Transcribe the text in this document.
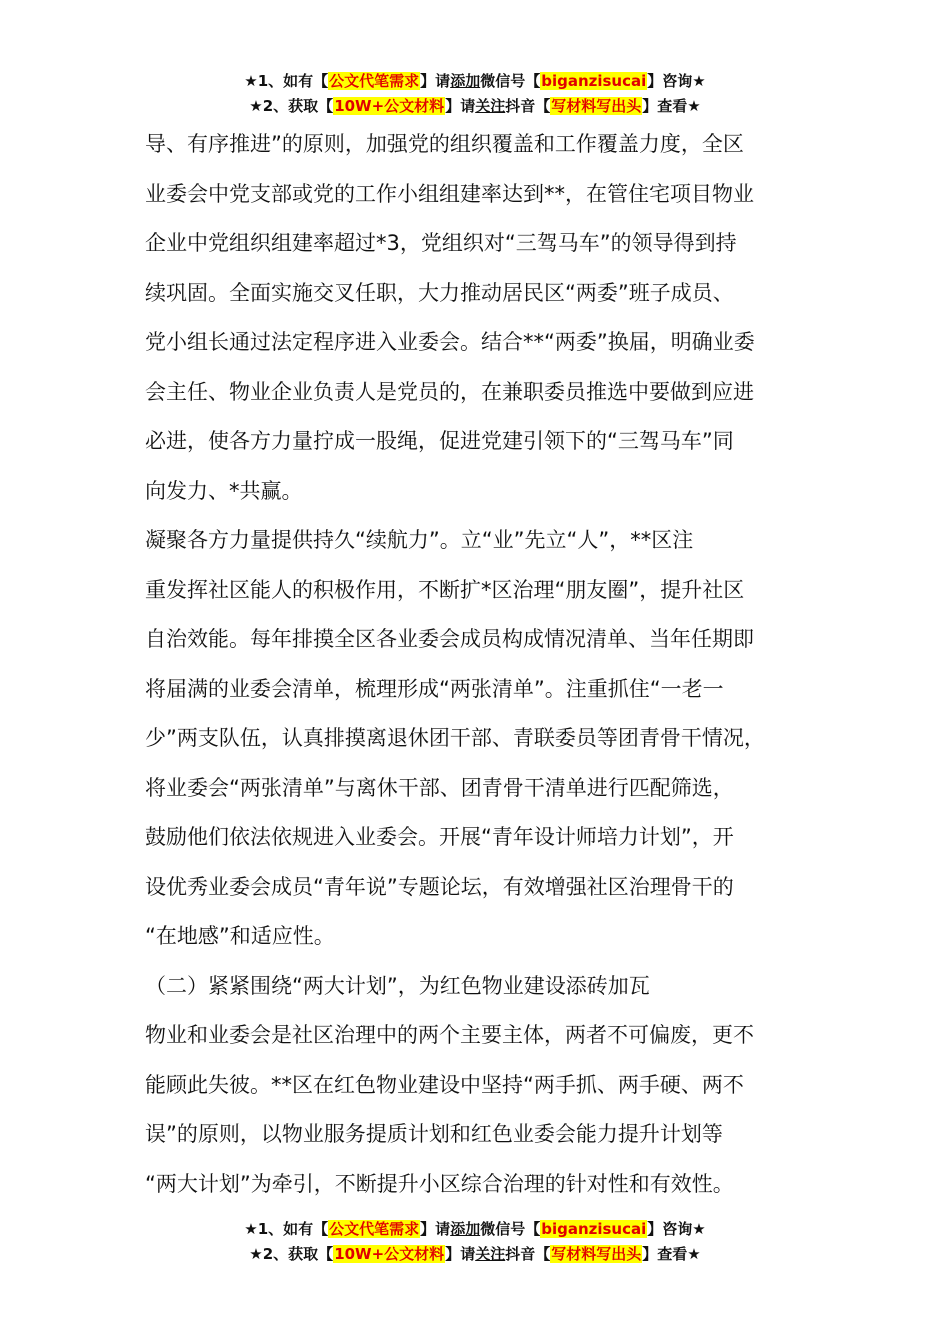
★1、如有【公文代笔需求】请添加微信号【biganzisucai】咨询★
★2、获取【10W+公文材料】请关注抖音【写材料写出头】查看★

导、有序推进”的原则，加强党的组织覆盖和工作覆盖力度，全区

业委会中党支部或党的工作小组组建率达到**，在管住宅项目物业

企业中党组织组建率超过*3，党组织对“三驾马车”的领导得到持

续巩固。全面实施交叉任职，大力推动居民区“两委”班子成员、

党小组长通过法定程序进入业委会。结合**“两委”换届，明确业委

会主任、物业企业负责人是党员的，在兼职委员推选中要做到应进

必进，使各方力量拧成一股绳，促进党建引领下的“三驾马车”同

向发力、*共赢。

凝聚各方力量提供持久“续航力”。立“业”先立“人”，**区注

重发挥社区能人的积极作用，不断扩*区治理“朋友圈”，提升社区

自治效能。每年排摸全区各业委会成员构成情况清单、当年任期即

将届满的业委会清单，梳理形成“两张清单”。注重抓住“一老一

少”两支队伍，认真排摸离退休团干部、青联委员等团青骨干情况，

将业委会“两张清单”与离休干部、团青骨干清单进行匹配筛选，

鼓励他们依法依规进入业委会。开展“青年设计师培力计划”，开

设优秀业委会成员“青年说”专题论坛，有效增强社区治理骨干的

“在地感”和适应性。

（二）紧紧围绕“两大计划”，为红色物业建设添砖加瓦

物业和业委会是社区治理中的两个主要主体，两者不可偏废，更不

能顾此失彼。**区在红色物业建设中坚持“两手抓、两手硬、两不

误”的原则，以物业服务提质计划和红色业委会能力提升计划等

“两大计划”为牵引，不断提升小区综合治理的针对性和有效性。

★1、如有【公文代笔需求】请添加微信号【biganzisucai】咨询★
★2、获取【10W+公文材料】请关注抖音【写材料写出头】查看★
